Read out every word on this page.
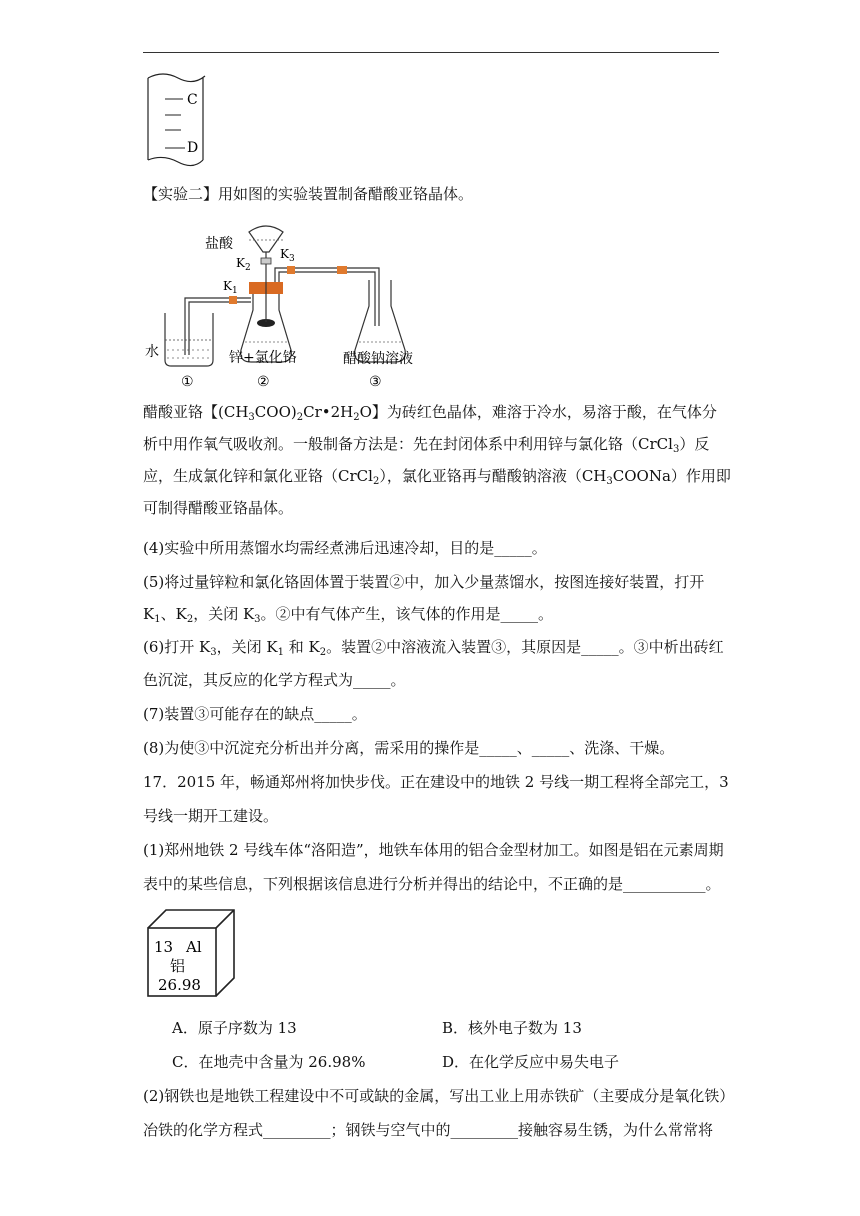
C
D
【实验二】用如图的实验装置制备醋酸亚铬晶体。
$K_1$
盐酸
$K_2$
$K_3$
水	锌+氯化铬	醋酸钠溶液
①	②	③
醋酸亚铬【$(CH_3COO)_2Cr•2H_2O$】为砖红色晶体，难溶于冷水，易溶于酸，在气体分
析中用作氧气吸收剂。一般制备方法是：先在封闭体系中利用锌与氯化铬（CrCl$_3$）反
应，生成氯化锌和氯化亚铬（CrCl$_2$），氯化亚铬再与醋酸钠溶液$(CH_3COONa)$作用即
可制得醋酸亚铬晶体。
(4)实验中所用蒸馏水均需经煮沸后迅速冷却，目的是_____。
(5)将过量锌粒和氯化铬固体置于装置②中，加入少量蒸馏水，按图连接好装置，打开
$K_1$、$K_2$，关闭 $K_3$。②中有气体产生，该气体的作用是_____。
(6)打开 $K_3$，关闭 $K_1$ 和 $K_2$。装置②中溶液流入装置③，其原因是_____。③中析出砖红
色沉淀，其反应的化学方程式为_____。
(7)装置③可能存在的缺点_____。
(8)为使③中沉淀充分析出并分离，需采用的操作是_____、_____、洗涤、干燥。
17．2015 年，畅通郑州将加快步伐。正在建设中的地铁 2 号线一期工程将全部完工，3
号线一期开工建设。
(1)郑州地铁 2 号线车体“洛阳造”，地铁车体用的铝合金型材加工。如图是铝在元素周期
表中的某些信息，下列根据该信息进行分析并得出的结论中，不正确的是___________。
13 Al
铝
26.98
A．原子序数为 13	B．核外电子数为 13
C．在地壳中含量为 26.98%	D．在化学反应中易失电子
(2)钢铁也是地铁工程建设中不可或缺的金属，写出工业上用赤铁矿（主要成分是氧化铁）
冶铁的化学方程式_________；钢铁与空气中的_________接触容易生锈，为什么常常将
